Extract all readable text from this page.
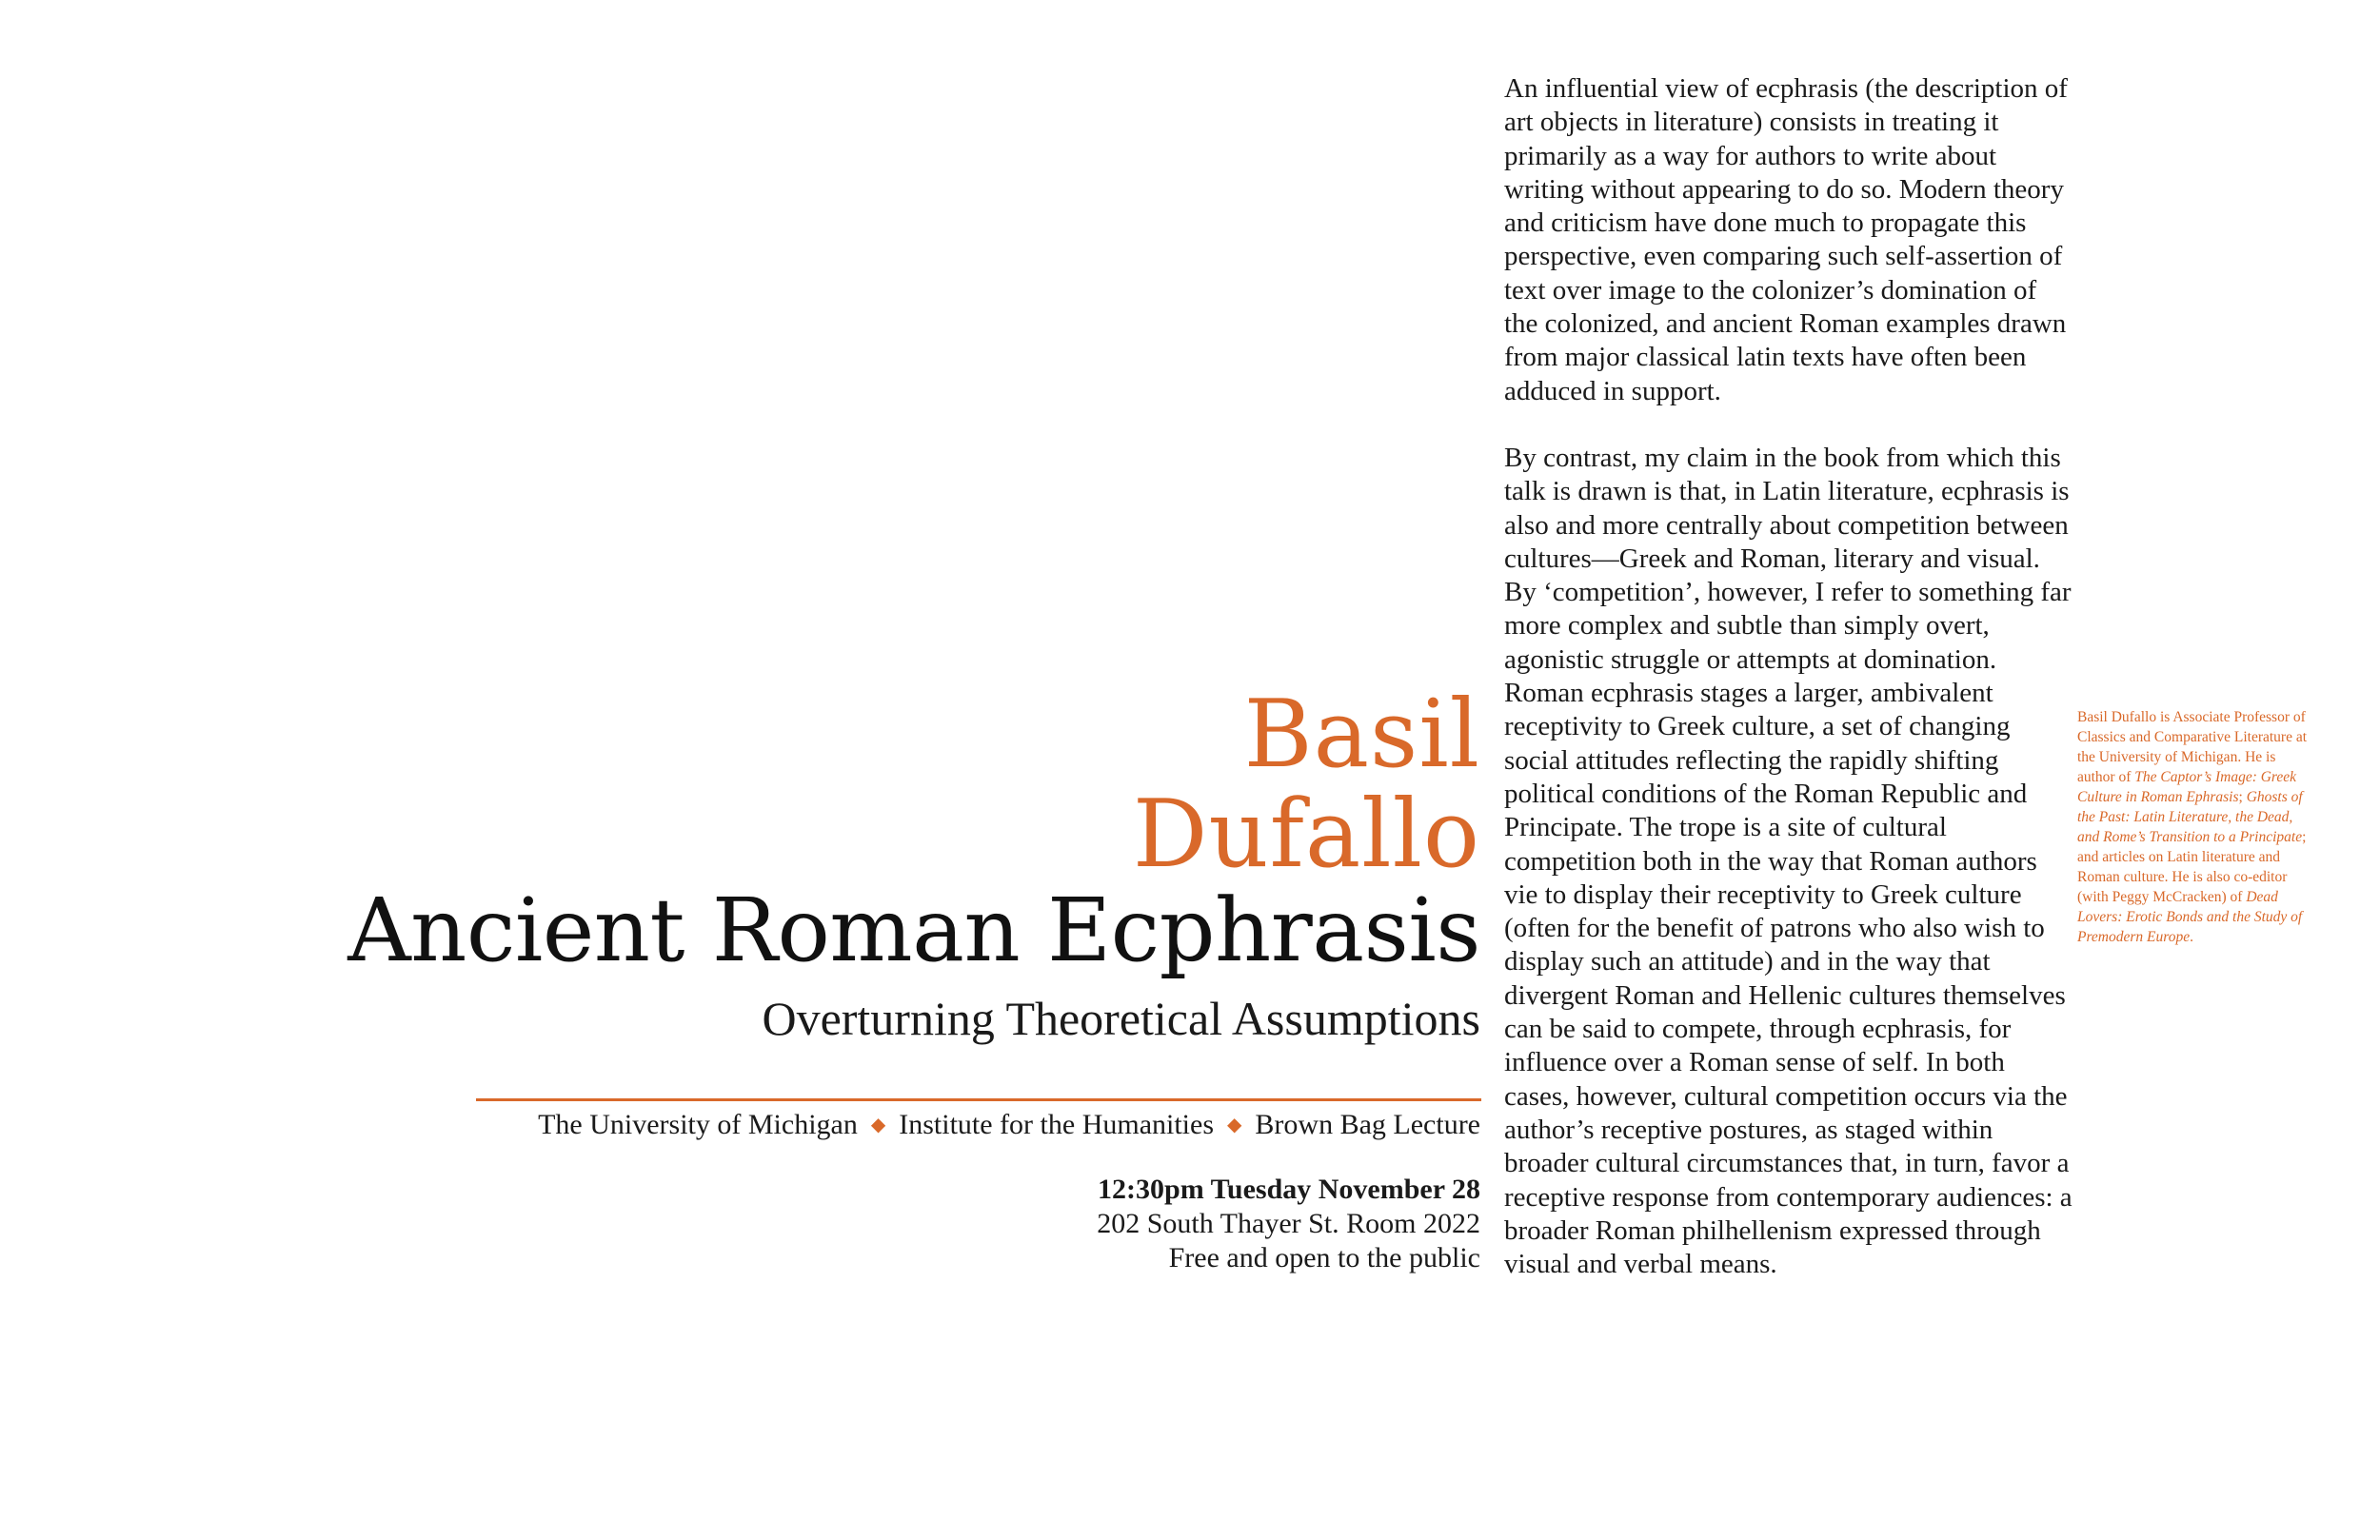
Basil
Dufallo
Ancient Roman Ecphrasis
Overturning Theoretical Assumptions
The University of Michigan ◆ Institute for the Humanities ◆ Brown Bag Lecture
12:30pm Tuesday November 28
202 South Thayer St. Room 2022
Free and open to the public

An influential view of ecphrasis (the description of art objects in literature) consists in treating it primarily as a way for authors to write about writing without appearing to do so. Modern theory and criticism have done much to propagate this perspective, even comparing such self-assertion of text over image to the colonizer’s domination of the colonized, and ancient Roman examples drawn from major classical latin texts have often been adduced in support.

By contrast, my claim in the book from which this talk is drawn is that, in Latin literature, ecphrasis is also and more centrally about competition between cultures—Greek and Roman, literary and visual. By ‘competition’, however, I refer to something far more complex and subtle than simply overt, agonistic struggle or attempts at domination. Roman ecphrasis stages a larger, ambivalent receptivity to Greek culture, a set of changing social attitudes reflecting the rapidly shifting political conditions of the Roman Republic and Principate. The trope is a site of cultural competition both in the way that Roman authors vie to display their receptivity to Greek culture (often for the benefit of patrons who also wish to display such an attitude) and in the way that divergent Roman and Hellenic cultures themselves can be said to compete, through ecphrasis, for influence over a Roman sense of self. In both cases, however, cultural competition occurs via the author’s receptive postures, as staged within broader cultural circumstances that, in turn, favor a receptive response from contemporary audiences: a broader Roman philhellenism expressed through visual and verbal means.

Basil Dufallo is Associate Professor of Classics and Comparative Literature at the University of Michigan. He is author of The Captor’s Image: Greek Culture in Roman Ephrasis; Ghosts of the Past: Latin Literature, the Dead, and Rome’s Transition to a Principate; and articles on Latin literature and Roman culture. He is also co-editor (with Peggy McCracken) of Dead Lovers: Erotic Bonds and the Study of Premodern Europe.
